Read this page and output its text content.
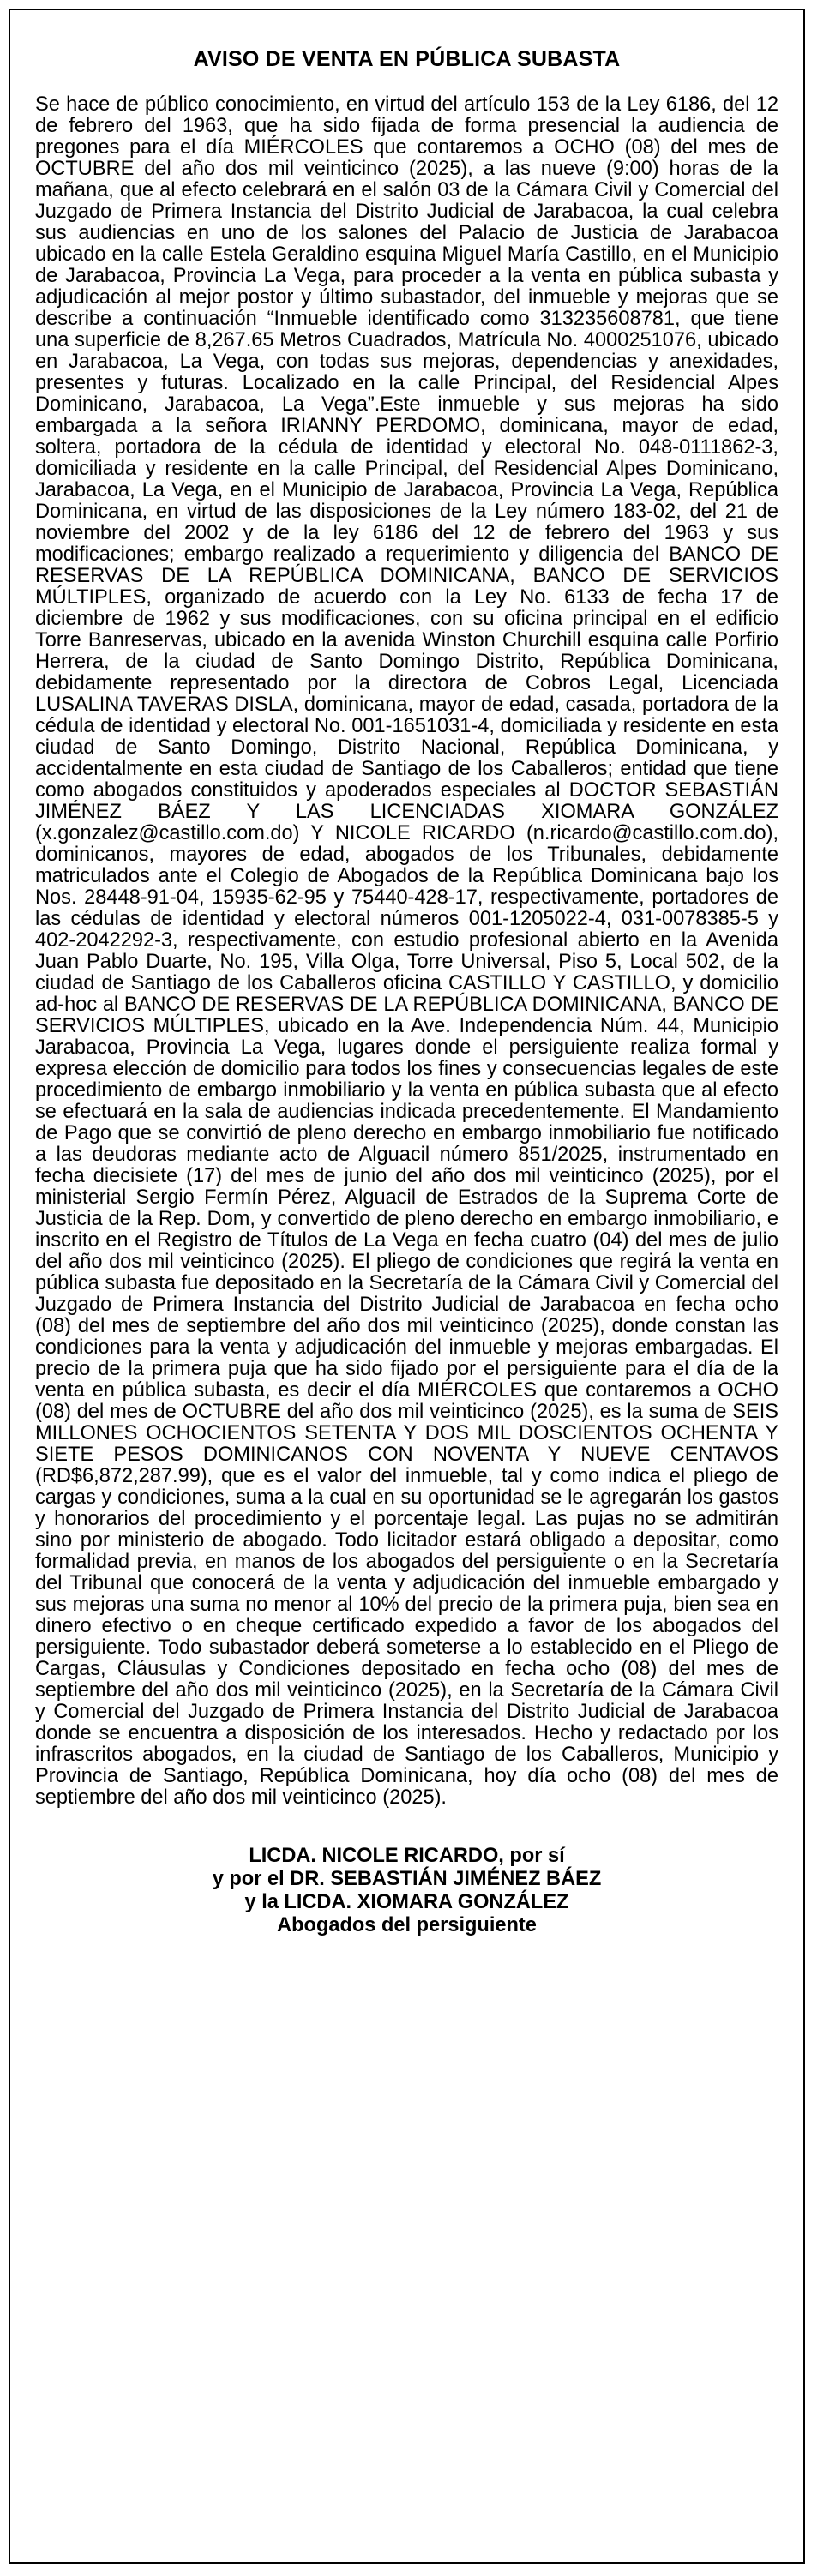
AVISO DE VENTA EN PÚBLICA SUBASTA

Se hace de público conocimiento, en virtud del artículo 153 de la Ley 6186, del 12 de febrero del 1963, que ha sido fijada de forma presencial la audiencia de pregones para el día MIÉRCOLES que contaremos a OCHO (08) del mes de OCTUBRE del año dos mil veinticinco (2025), a las nueve (9:00) horas de la mañana, que al efecto celebrará en el salón 03 de la Cámara Civil y Comercial del Juzgado de Primera Instancia del Distrito Judicial de Jarabacoa, la cual celebra sus audiencias en uno de los salones del Palacio de Justicia de Jarabacoa ubicado en la calle Estela Geraldino esquina Miguel María Castillo, en el Municipio de Jarabacoa, Provincia La Vega, para proceder a la venta en pública subasta y adjudicación al mejor postor y último subastador, del inmueble y mejoras que se describe a continuación “Inmueble identificado como 313235608781, que tiene una superficie de 8,267.65 Metros Cuadrados, Matrícula No. 4000251076, ubicado en Jarabacoa, La Vega, con todas sus mejoras, dependencias y anexidades, presentes y futuras. Localizado en la calle Principal, del Residencial Alpes Dominicano, Jarabacoa, La Vega”.Este inmueble y sus mejoras ha sido embargada a la señora IRIANNY PERDOMO, dominicana, mayor de edad, soltera, portadora de la cédula de identidad y electoral No. 048-0111862-3, domiciliada y residente en la calle Principal, del Residencial Alpes Dominicano, Jarabacoa, La Vega, en el Municipio de Jarabacoa, Provincia La Vega, República Dominicana, en virtud de las disposiciones de la Ley número 183-02, del 21 de noviembre del 2002 y de la ley 6186 del 12 de febrero del 1963 y sus modificaciones; embargo realizado a requerimiento y diligencia del BANCO DE RESERVAS DE LA REPÚBLICA DOMINICANA, BANCO DE SERVICIOS MÚLTIPLES, organizado de acuerdo con la Ley No. 6133 de fecha 17 de diciembre de 1962 y sus modificaciones, con su oficina principal en el edificio Torre Banreservas, ubicado en la avenida Winston Churchill esquina calle Porfirio Herrera, de la ciudad de Santo Domingo Distrito, República Dominicana, debidamente representado por la directora de Cobros Legal, Licenciada LUSALINA TAVERAS DISLA, dominicana, mayor de edad, casada, portadora de la cédula de identidad y electoral No. 001-1651031-4, domiciliada y residente en esta ciudad de Santo Domingo, Distrito Nacional, República Dominicana, y accidentalmente en esta ciudad de Santiago de los Caballeros; entidad que tiene como abogados constituidos y apoderados especiales al DOCTOR SEBASTIÁN JIMÉNEZ BÁEZ Y LAS LICENCIADAS XIOMARA GONZÁLEZ (x.gonzalez@castillo.com.do) Y NICOLE RICARDO (n.ricardo@castillo.com.do), dominicanos, mayores de edad, abogados de los Tribunales, debidamente matriculados ante el Colegio de Abogados de la República Dominicana bajo los Nos. 28448-91-04, 15935-62-95 y 75440-428-17, respectivamente, portadores de las cédulas de identidad y electoral números 001-1205022-4, 031-0078385-5 y 402-2042292-3, respectivamente, con estudio profesional abierto en la Avenida Juan Pablo Duarte, No. 195, Villa Olga, Torre Universal, Piso 5, Local 502, de la ciudad de Santiago de los Caballeros oficina CASTILLO Y CASTILLO, y domicilio ad-hoc al BANCO DE RESERVAS DE LA REPÚBLICA DOMINICANA, BANCO DE SERVICIOS MÚLTIPLES, ubicado en la Ave. Independencia Núm. 44, Municipio Jarabacoa, Provincia La Vega, lugares donde el persiguiente realiza formal y expresa elección de domicilio para todos los fines y consecuencias legales de este procedimiento de embargo inmobiliario y la venta en pública subasta que al efecto se efectuará en la sala de audiencias indicada precedentemente. El Mandamiento de Pago que se convirtió de pleno derecho en embargo inmobiliario fue notificado a las deudoras mediante acto de Alguacil número 851/2025, instrumentado en fecha diecisiete (17) del mes de junio del año dos mil veinticinco (2025), por el ministerial Sergio Fermín Pérez, Alguacil de Estrados de la Suprema Corte de Justicia de la Rep. Dom, y convertido de pleno derecho en embargo inmobiliario, e inscrito en el Registro de Títulos de La Vega en fecha cuatro (04) del mes de julio del año dos mil veinticinco (2025). El pliego de condiciones que regirá la venta en pública subasta fue depositado en la Secretaría de la Cámara Civil y Comercial del Juzgado de Primera Instancia del Distrito Judicial de Jarabacoa en fecha ocho (08) del mes de septiembre del año dos mil veinticinco (2025), donde constan las condiciones para la venta y adjudicación del inmueble y mejoras embargadas. El precio de la primera puja que ha sido fijado por el persiguiente para el día de la venta en pública subasta, es decir el día MIÉRCOLES que contaremos a OCHO (08) del mes de OCTUBRE del año dos mil veinticinco (2025), es la suma de SEIS MILLONES OCHOCIENTOS SETENTA Y DOS MIL DOSCIENTOS OCHENTA Y SIETE PESOS DOMINICANOS CON NOVENTA Y NUEVE CENTAVOS (RD$6,872,287.99), que es el valor del inmueble, tal y como indica el pliego de cargas y condiciones, suma a la cual en su oportunidad se le agregarán los gastos y honorarios del procedimiento y el porcentaje legal. Las pujas no se admitirán sino por ministerio de abogado. Todo licitador estará obligado a depositar, como formalidad previa, en manos de los abogados del persiguiente o en la Secretaría del Tribunal que conocerá de la venta y adjudicación del inmueble embargado y sus mejoras una suma no menor al 10% del precio de la primera puja, bien sea en dinero efectivo o en cheque certificado expedido a favor de los abogados del persiguiente. Todo subastador deberá someterse a lo establecido en el Pliego de Cargas, Cláusulas y Condiciones depositado en fecha ocho (08) del mes de septiembre del año dos mil veinticinco (2025), en la Secretaría de la Cámara Civil y Comercial del Juzgado de Primera Instancia del Distrito Judicial de Jarabacoa donde se encuentra a disposición de los interesados. Hecho y redactado por los infrascritos abogados, en la ciudad de Santiago de los Caballeros, Municipio y Provincia de Santiago, República Dominicana, hoy día ocho (08) del mes de septiembre del año dos mil veinticinco (2025).

LICDA. NICOLE RICARDO, por sí
y por el DR. SEBASTIÁN JIMÉNEZ BÁEZ
y la LICDA. XIOMARA GONZÁLEZ
Abogados del persiguiente
